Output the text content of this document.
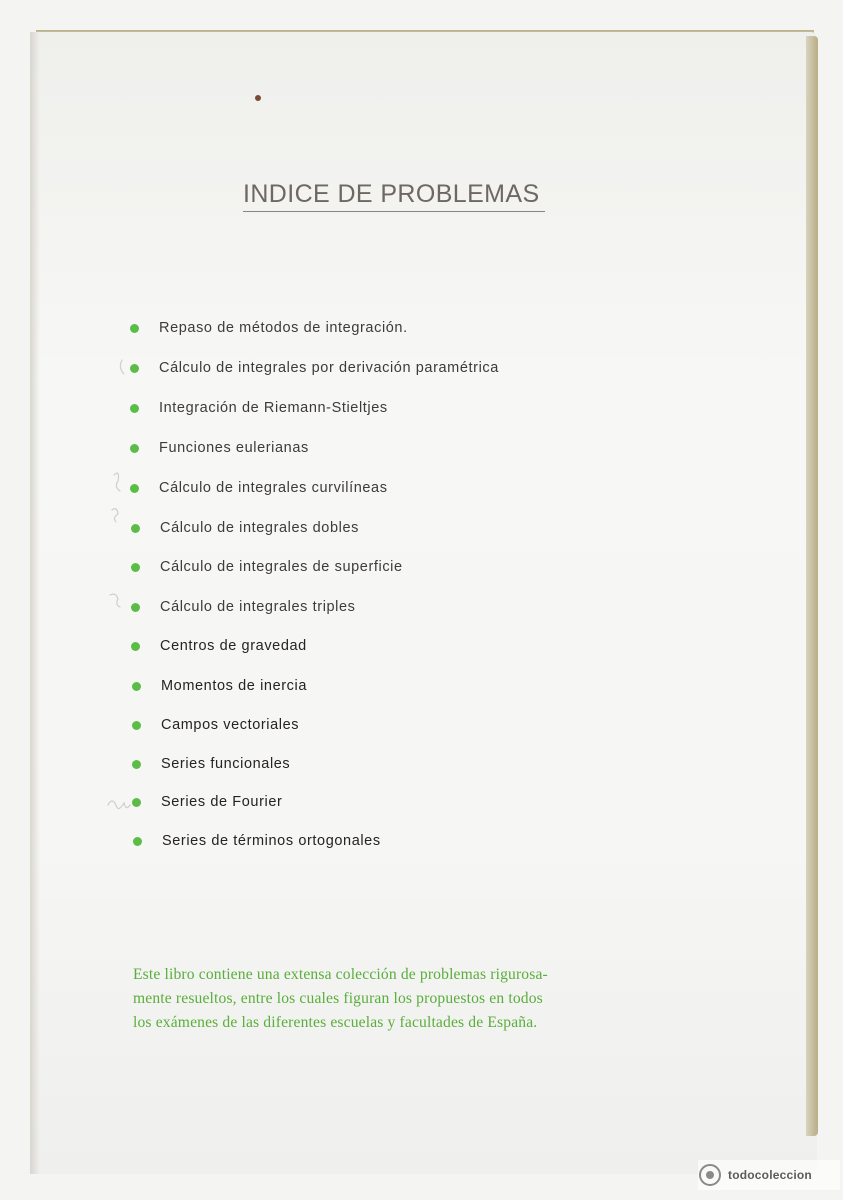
INDICE DE PROBLEMAS
Repaso de métodos de integración.
Cálculo de integrales por derivación paramétrica
Integración de Riemann-Stieltjes
Funciones eulerianas
Cálculo de integrales curvilíneas
Cálculo de integrales dobles
Cálculo de integrales de superficie
Cálculo de integrales triples
Centros de gravedad
Momentos de inercia
Campos vectoriales
Series funcionales
Series de Fourier
Series de términos ortogonales
Este libro contiene una extensa colección de problemas rigurosa-
mente resueltos, entre los cuales figuran los propuestos en todos
los exámenes de las diferentes escuelas y facultades de España.
todocoleccion
